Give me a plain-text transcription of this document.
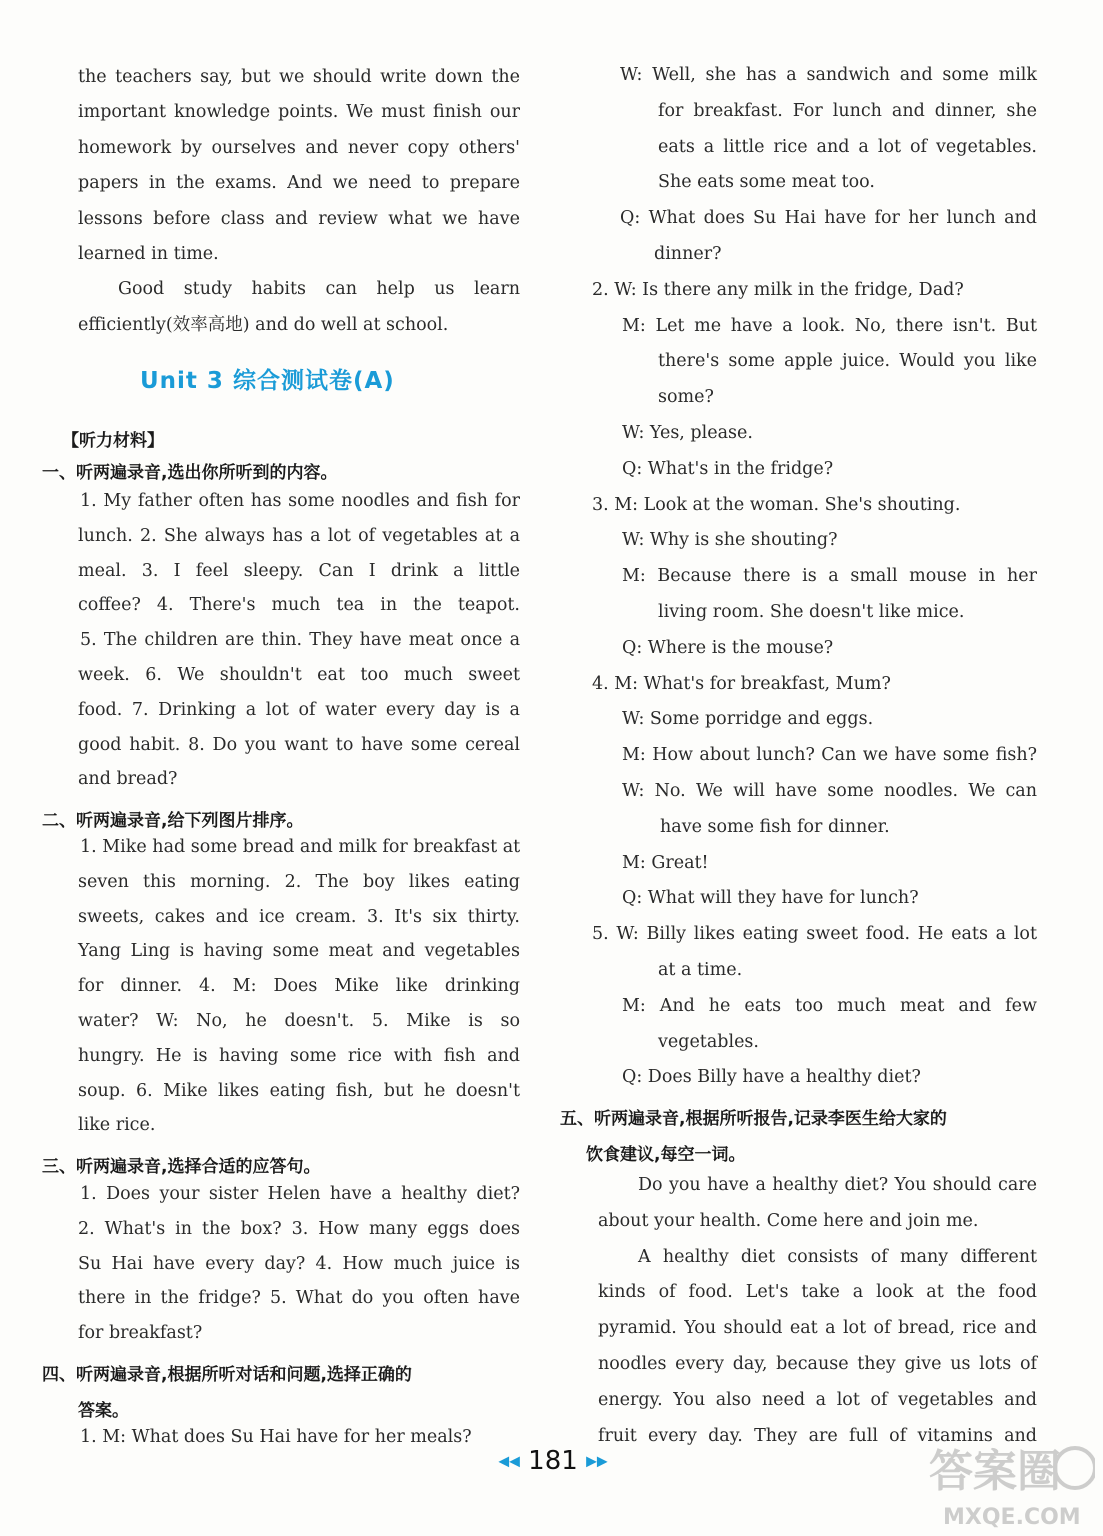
the teachers say, but we should write down the
important knowledge points. We must finish our
homework by ourselves and never copy others'
papers in the exams. And we need to prepare
lessons before class and review what we have
learned in time.
Good study habits can help us learn
efficiently(效率高地) and do well at school.
【听力材料】
一、听两遍录音,选出你所听到的内容。
1. My father often has some noodles and fish for
lunch. 2. She always has a lot of vegetables at a
meal. 3. I feel sleepy. Can I drink a little
coffee? 4. There's much tea in the teapot.
5. The children are thin. They have meat once a
week. 6. We shouldn't eat too much sweet
food. 7. Drinking a lot of water every day is a
good habit. 8. Do you want to have some cereal
and bread?
二、听两遍录音,给下列图片排序。
1. Mike had some bread and milk for breakfast at
seven this morning. 2. The boy likes eating
sweets, cakes and ice cream. 3. It's six thirty.
Yang Ling is having some meat and vegetables
for dinner. 4. M: Does Mike like drinking
water? W: No, he doesn't. 5. Mike is so
hungry. He is having some rice with fish and
soup. 6. Mike likes eating fish, but he doesn't
like rice.
三、听两遍录音,选择合适的应答句。
1. Does your sister Helen have a healthy diet?
2. What's in the box? 3. How many eggs does
Su Hai have every day? 4. How much juice is
there in the fridge? 5. What do you often have
for breakfast?
四、听两遍录音,根据所听对话和问题,选择正确的
答案。
1. M: What does Su Hai have for her meals?
W: Well, she has a sandwich and some milk
for breakfast. For lunch and dinner, she
eats a little rice and a lot of vegetables.
She eats some meat too.
Q: What does Su Hai have for her lunch and
dinner?
2. W: Is there any milk in the fridge, Dad?
M: Let me have a look. No, there isn't. But
there's some apple juice. Would you like
some?
W: Yes, please.
Q: What's in the fridge?
3. M: Look at the woman. She's shouting.
W: Why is she shouting?
M: Because there is a small mouse in her
living room. She doesn't like mice.
Q: Where is the mouse?
4. M: What's for breakfast, Mum?
W: Some porridge and eggs.
M: How about lunch? Can we have some fish?
W: No. We will have some noodles. We can
have some fish for dinner.
M: Great!
Q: What will they have for lunch?
5. W: Billy likes eating sweet food. He eats a lot
at a time.
M: And he eats too much meat and few
vegetables.
Q: Does Billy have a healthy diet?
五、听两遍录音,根据所听报告,记录李医生给大家的
饮食建议,每空一词。
Do you have a healthy diet? You should care
about your health. Come here and join me.
A healthy diet consists of many different
kinds of food. Let's take a look at the food
pyramid. You should eat a lot of bread, rice and
noodles every day, because they give us lots of
energy. You also need a lot of vegetables and
fruit every day. They are full of vitamins and
Unit 3 综合测试卷(A)
◀◀ 181 ▶▶	答案圈
MXQE.COM
